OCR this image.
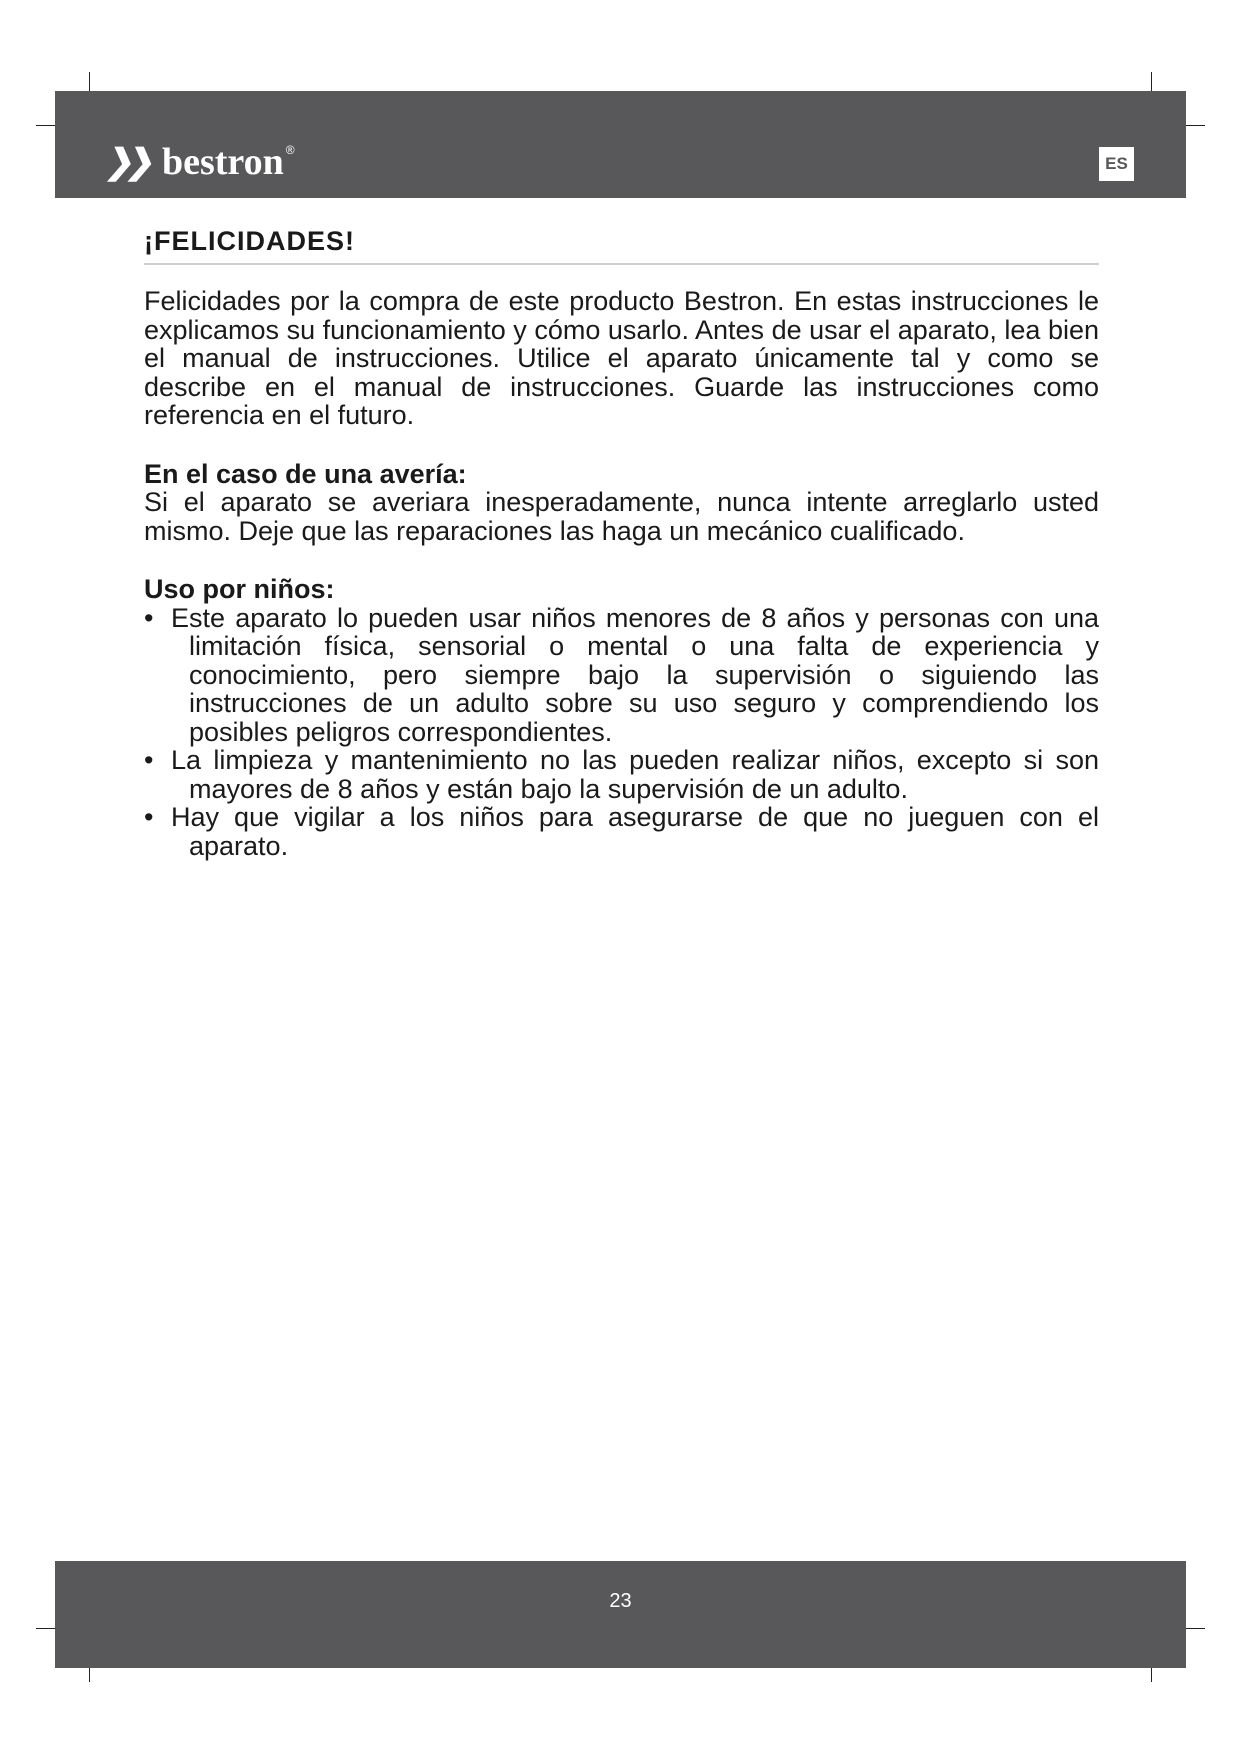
❯❯ bestron ®
ES
¡FELICIDADES!

Felicidades por la compra de este producto Bestron. En estas instrucciones le explicamos su funcionamiento y cómo usarlo. Antes de usar el aparato, lea bien el manual de instrucciones. Utilice el aparato únicamente tal y como se describe en el manual de instrucciones. Guarde las instrucciones como referencia en el futuro.

En el caso de una avería:

Si el aparato se averiara inesperadamente, nunca intente arreglarlo usted mismo. Deje que las reparaciones las haga un mecánico cualificado.

Uso por niños:
• Este aparato lo pueden usar niños menores de 8 años y personas con una limitación física, sensorial o mental o una falta de experiencia y conocimiento, pero siempre bajo la supervisión o siguiendo las instrucciones de un adulto sobre su uso seguro y comprendiendo los posibles peligros correspondientes.
• La limpieza y mantenimiento no las pueden realizar niños, excepto si son mayores de 8 años y están bajo la supervisión de un adulto.
• Hay que vigilar a los niños para asegurarse de que no jueguen con el aparato.
23
